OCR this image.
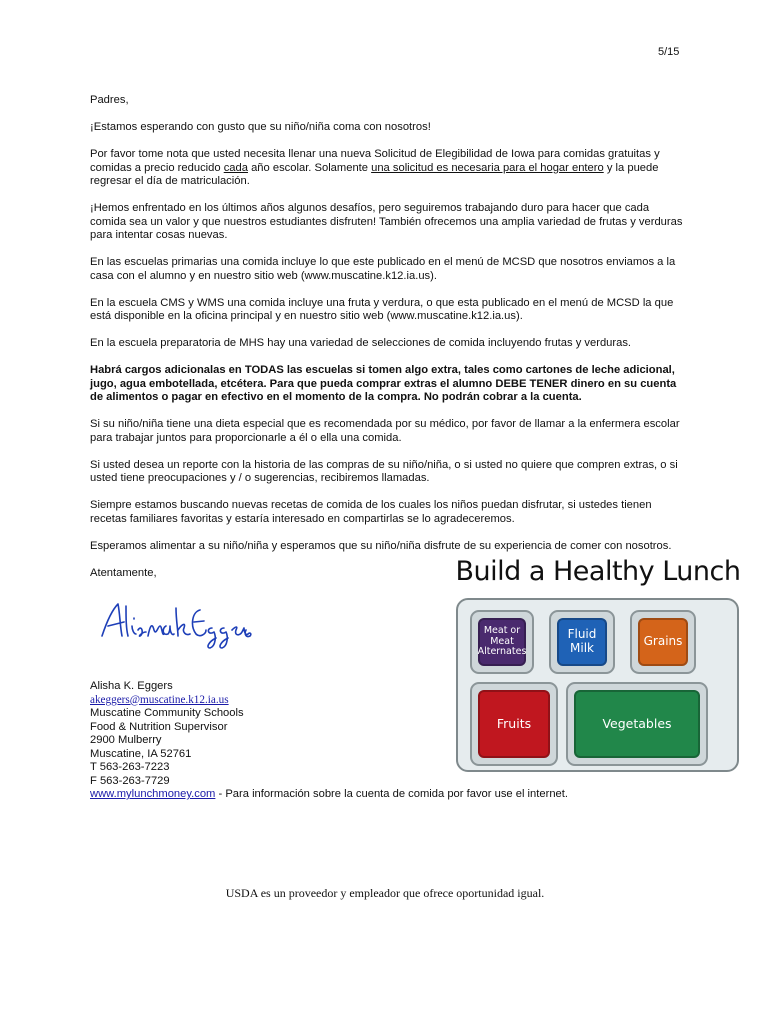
5/15

Padres,

¡Estamos esperando con gusto que su niño/niña coma con nosotros!

Por favor tome nota que usted necesita llenar una nueva Solicitud de Elegibilidad de Iowa para comidas gratuitas y comidas a precio reducido cada año escolar. Solamente una solicitud es necesaria para el hogar entero y la puede regresar el día de matriculación.

¡Hemos enfrentado en los últimos años algunos desafíos, pero seguiremos trabajando duro para hacer que cada comida sea un valor y que nuestros estudiantes disfruten! También ofrecemos una amplia variedad de frutas y verduras para intentar cosas nuevas.

En las escuelas primarias una comida incluye lo que este publicado en el menú de MCSD que nosotros enviamos a la casa con el alumno y en nuestro sitio web (www.muscatine.k12.ia.us).

En la escuela CMS y WMS una comida incluye una fruta y verdura, o que esta publicado en el menú de MCSD la que está disponible en la oficina principal y en nuestro sitio web (www.muscatine.k12.ia.us).

En la escuela preparatoria de MHS hay una variedad de selecciones de comida incluyendo frutas y verduras.

Habrá cargos adicionalas en TODAS las escuelas si tomen algo extra, tales como cartones de leche adicional, jugo, agua embotellada, etcétera. Para que pueda comprar extras el alumno DEBE TENER dinero en su cuenta de alimentos o pagar en efectivo en el momento de la compra. No podrán cobrar a la cuenta.

Si su niño/niña tiene una dieta especial que es recomendada por su médico, por favor de llamar a la enfermera escolar para trabajar juntos para proporcionarle a él o ella una comida.

Si usted desea un reporte con la historia de las compras de su niño/niña, o si usted no quiere que compren extras, o si usted tiene preocupaciones y / o sugerencias, recibiremos llamadas.

Siempre estamos buscando nuevas recetas de comida de los cuales los niños puedan disfrutar, si ustedes tienen recetas familiares favoritas y estaría interesado en compartirlas se lo agradeceremos.

Esperamos alimentar a su niño/niña y esperamos que su niño/niña disfrute de su experiencia de comer con nosotros.

Atentamente,

Alisha K. Eggers
akeggers@muscatine.k12.ia.us
Muscatine Community Schools
Food & Nutrition Supervisor
2900 Mulberry
Muscatine, IA 52761
T 563-263-7223
F 563-263-7729
www.mylunchmoney.com - Para información sobre la cuenta de comida por favor use el internet.
Build a Healthy Lunch
Meat or
Meat
Alternates
Fluid
Milk	Grains
Fruits	Vegetables
USDA es un proveedor y empleador que ofrece oportunidad igual.
